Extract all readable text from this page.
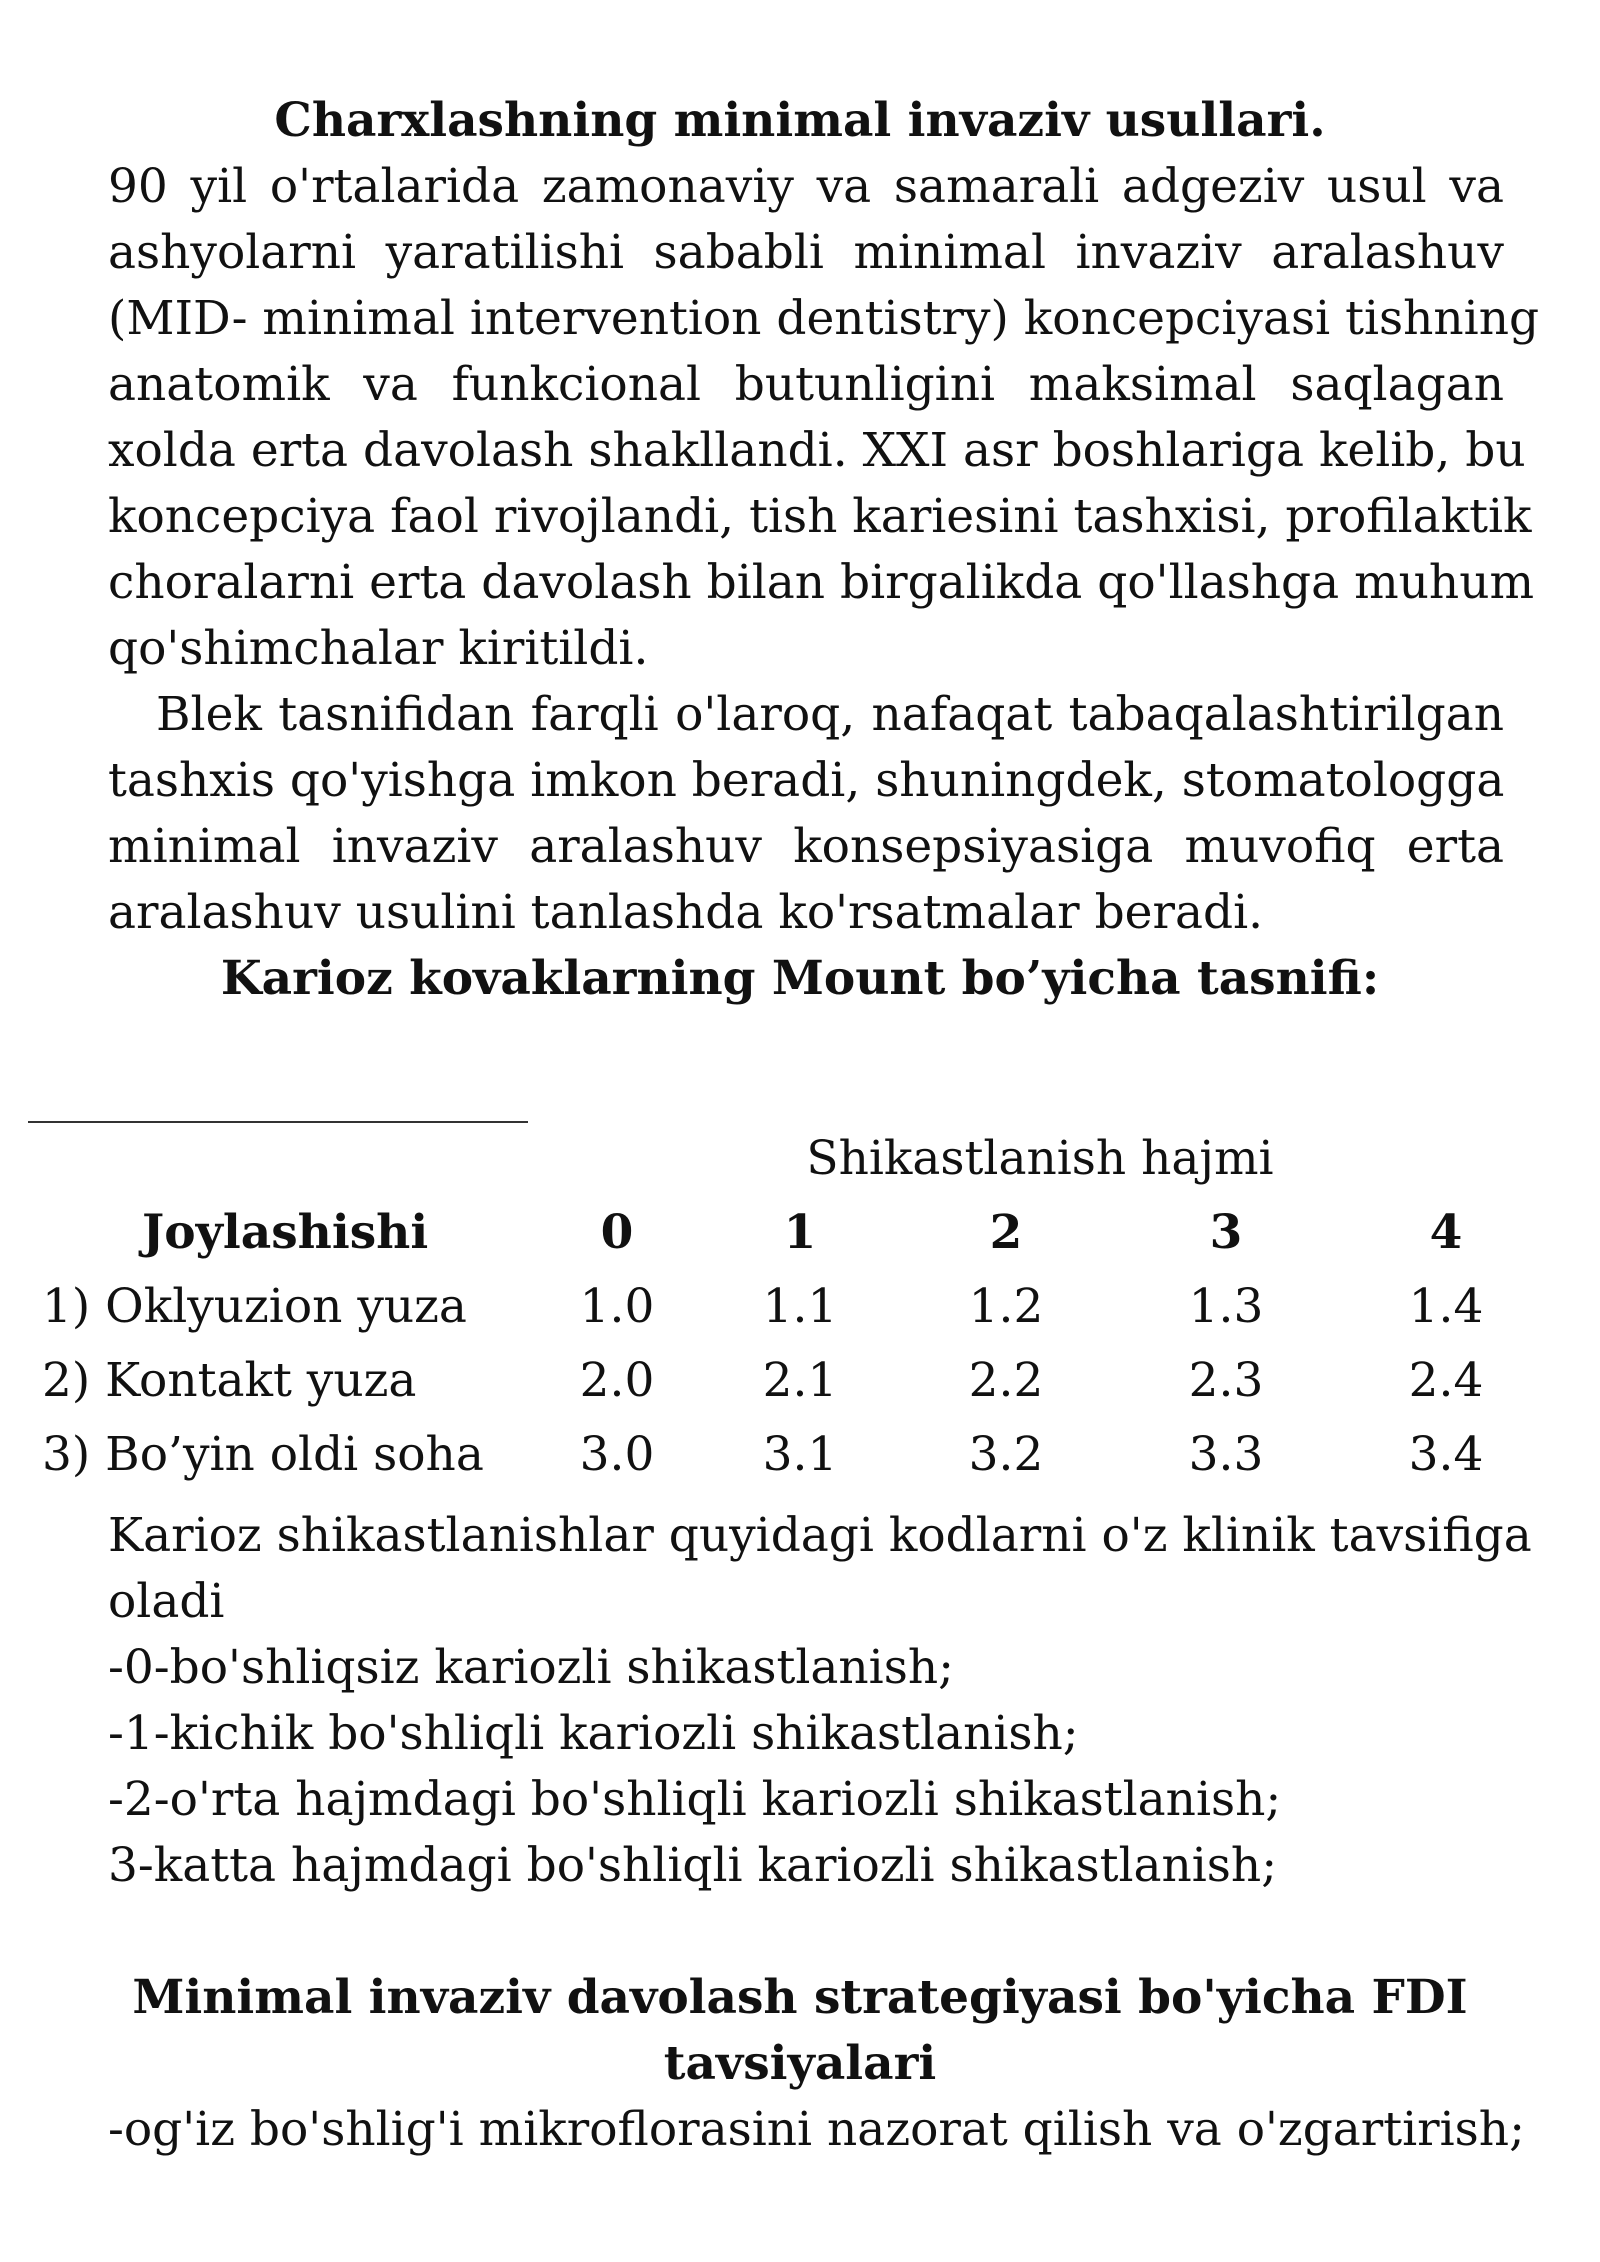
Charxlashning minimal invaziv usullari.
90 yil o'rtalarida zamonaviy va samarali adgeziv usul va
ashyolarni yaratilishi sababli minimal invaziv aralashuv
(MID- minimal intervention dentistry) koncepciyasi tishning
anatomik va funkcional butunligini maksimal saqlagan
xolda erta davolash shakllandi. XXI asr boshlariga kelib, bu
koncepciya faol rivojlandi, tish kariesini tashxisi, profilaktik
choralarni erta davolash bilan birgalikda qo'llashga muhum
qo'shimchalar kiritildi.
Blek tasnifidan farqli o'laroq, nafaqat tabaqalashtirilgan
tashxis qo'yishga imkon beradi, shuningdek, stomatologga
minimal invaziv aralashuv konsepsiyasiga muvofiq erta
aralashuv usulini tanlashda ko'rsatmalar beradi.
Karioz kovaklarning Mount bo’yicha tasnifi:
Shikastlanish hajmi
Joylashishi	0	1	2	3	4
1) Oklyuzion yuza	1.0	1.1	1.2	1.3	1.4
2) Kontakt yuza	2.0	2.1	2.2	2.3	2.4
3) Bo’yin oldi soha	3.0	3.1	3.2	3.3	3.4
Karioz shikastlanishlar quyidagi kodlarni o'z klinik tavsifiga
oladi
-0-bo'shliqsiz kariozli shikastlanish;
-1-kichik bo'shliqli kariozli shikastlanish;
-2-o'rta hajmdagi bo'shliqli kariozli shikastlanish;
3-katta hajmdagi bo'shliqli kariozli shikastlanish;
Minimal invaziv davolash strategiyasi bo'yicha FDI
tavsiyalari
-og'iz bo'shlig'i mikroflorasini nazorat qilish va o'zgartirish;
